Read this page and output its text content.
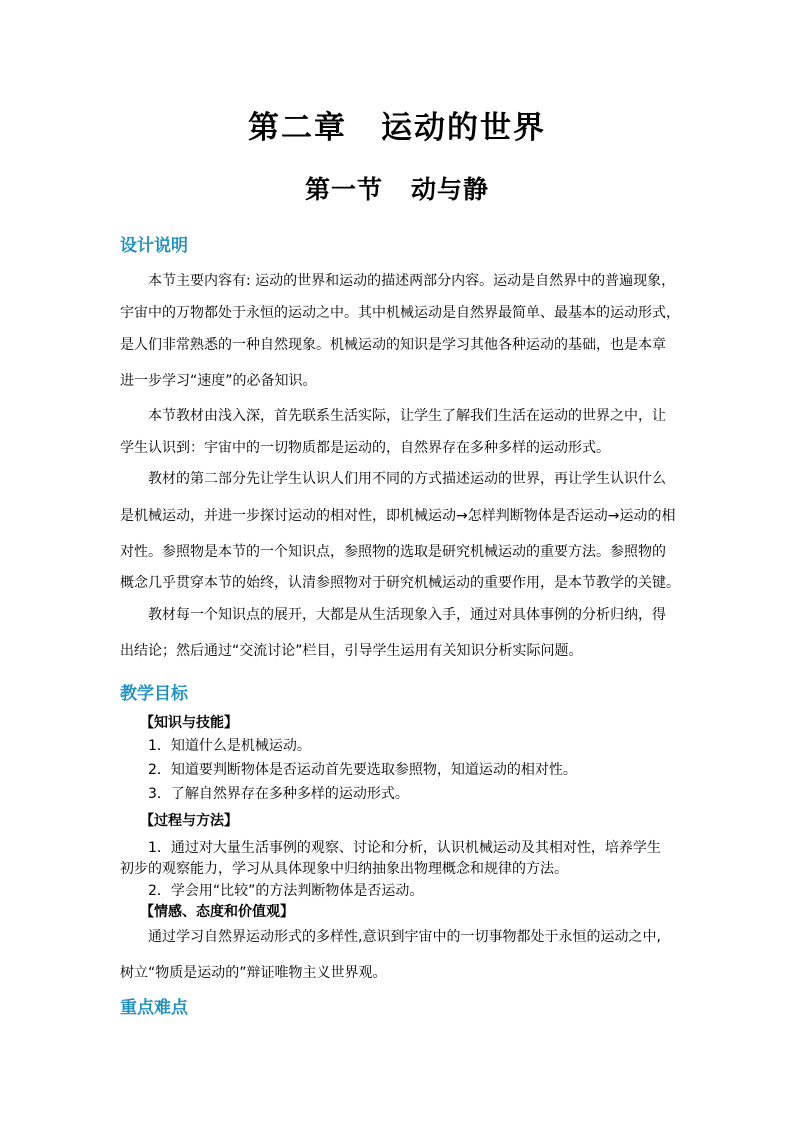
第二章 运动的世界
第一节 动与静
设计说明
本节主要内容有: 运动的世界和运动的描述两部分内容。运动是自然界中的普遍现象，
宇宙中的万物都处于永恒的运动之中。其中机械运动是自然界最简单、最基本的运动形式，
是人们非常熟悉的一种自然现象。机械运动的知识是学习其他各种运动的基础，也是本章
进一步学习“速度”的必备知识。
本节教材由浅入深，首先联系生活实际，让学生了解我们生活在运动的世界之中，让
学生认识到：宇宙中的一切物质都是运动的，自然界存在多种多样的运动形式。
教材的第二部分先让学生认识人们用不同的方式描述运动的世界，再让学生认识什么
是机械运动，并进一步探讨运动的相对性，即机械运动→怎样判断物体是否运动→运动的相
对性。参照物是本节的一个知识点，参照物的选取是研究机械运动的重要方法。参照物的
概念几乎贯穿本节的始终，认清参照物对于研究机械运动的重要作用，是本节教学的关键。
教材每一个知识点的展开，大都是从生活现象入手，通过对具体事例的分析归纳，得
出结论；然后通过“交流讨论”栏目，引导学生运用有关知识分析实际问题。
教学目标
【知识与技能】
1．知道什么是机械运动。
2．知道要判断物体是否运动首先要选取参照物，知道运动的相对性。
3．了解自然界存在多种多样的运动形式。
【过程与方法】
1．通过对大量生活事例的观察、讨论和分析，认识机械运动及其相对性，培养学生
初步的观察能力，学习从具体现象中归纳抽象出物理概念和规律的方法。
2．学会用“比较”的方法判断物体是否运动。
【情感、态度和价值观】
通过学习自然界运动形式的多样性,意识到宇宙中的一切事物都处于永恒的运动之中,
树立“物质是运动的”辩证唯物主义世界观。
重点难点
